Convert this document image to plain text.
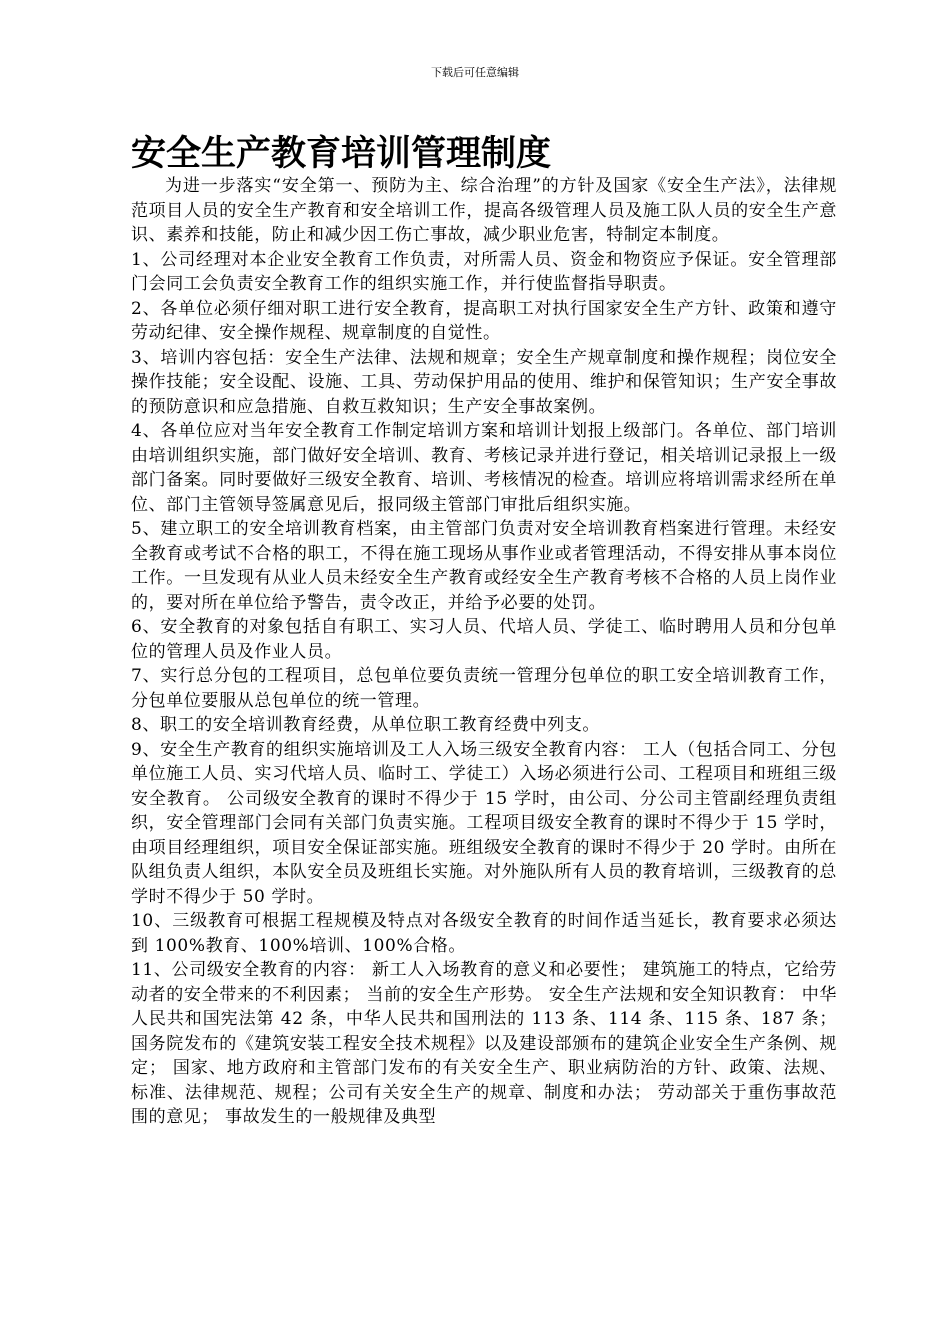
下载后可任意编辑
安全生产教育培训管理制度

为进一步落实“安全第一、预防为主、综合治理”的方针及国家《安全生产法》，法律规范项目人员的安全生产教育和安全培训工作，提高各级管理人员及施工队人员的安全生产意识、素养和技能，防止和减少因工伤亡事故，减少职业危害，特制定本制度。

1、公司经理对本企业安全教育工作负责，对所需人员、资金和物资应予保证。安全管理部门会同工会负责安全教育工作的组织实施工作，并行使监督指导职责。

2、各单位必须仔细对职工进行安全教育，提高职工对执行国家安全生产方针、政策和遵守劳动纪律、安全操作规程、规章制度的自觉性。

3、培训内容包括：安全生产法律、法规和规章；安全生产规章制度和操作规程；岗位安全操作技能；安全设配、设施、工具、劳动保护用品的使用、维护和保管知识；生产安全事故的预防意识和应急措施、自救互救知识；生产安全事故案例。

4、各单位应对当年安全教育工作制定培训方案和培训计划报上级部门。各单位、部门培训由培训组织实施，部门做好安全培训、教育、考核记录并进行登记，相关培训记录报上一级部门备案。同时要做好三级安全教育、培训、考核情况的检查。培训应将培训需求经所在单位、部门主管领导签属意见后，报同级主管部门审批后组织实施。

5、建立职工的安全培训教育档案，由主管部门负责对安全培训教育档案进行管理。未经安全教育或考试不合格的职工，不得在施工现场从事作业或者管理活动，不得安排从事本岗位工作。一旦发现有从业人员未经安全生产教育或经安全生产教育考核不合格的人员上岗作业的，要对所在单位给予警告，责令改正，并给予必要的处罚。

6、安全教育的对象包括自有职工、实习人员、代培人员、学徒工、临时聘用人员和分包单位的管理人员及作业人员。

7、实行总分包的工程项目，总包单位要负责统一管理分包单位的职工安全培训教育工作，分包单位要服从总包单位的统一管理。

8、职工的安全培训教育经费，从单位职工教育经费中列支。

9、安全生产教育的组织实施培训及工人入场三级安全教育内容： 工人（包括合同工、分包单位施工人员、实习代培人员、临时工、学徒工）入场必须进行公司、工程项目和班组三级安全教育。 公司级安全教育的课时不得少于 15 学时，由公司、分公司主管副经理负责组织，安全管理部门会同有关部门负责实施。工程项目级安全教育的课时不得少于 15 学时，由项目经理组织，项目安全保证部实施。班组级安全教育的课时不得少于 20 学时。由所在队组负责人组织，本队安全员及班组长实施。对外施队所有人员的教育培训，三级教育的总学时不得少于 50 学时。

10、三级教育可根据工程规模及特点对各级安全教育的时间作适当延长，教育要求必须达到 100%教育、100%培训、100%合格。

11、公司级安全教育的内容： 新工人入场教育的意义和必要性； 建筑施工的特点，它给劳动者的安全带来的不利因素； 当前的安全生产形势。 安全生产法规和安全知识教育： 中华人民共和国宪法第 42 条，中华人民共和国刑法的 113 条、114 条、115 条、187 条； 国务院发布的《建筑安装工程安全技术规程》以及建设部颁布的建筑企业安全生产条例、规定； 国家、地方政府和主管部门发布的有关安全生产、职业病防治的方针、政策、法规、标准、法律规范、规程；公司有关安全生产的规章、制度和办法； 劳动部关于重伤事故范围的意见； 事故发生的一般规律及典型
